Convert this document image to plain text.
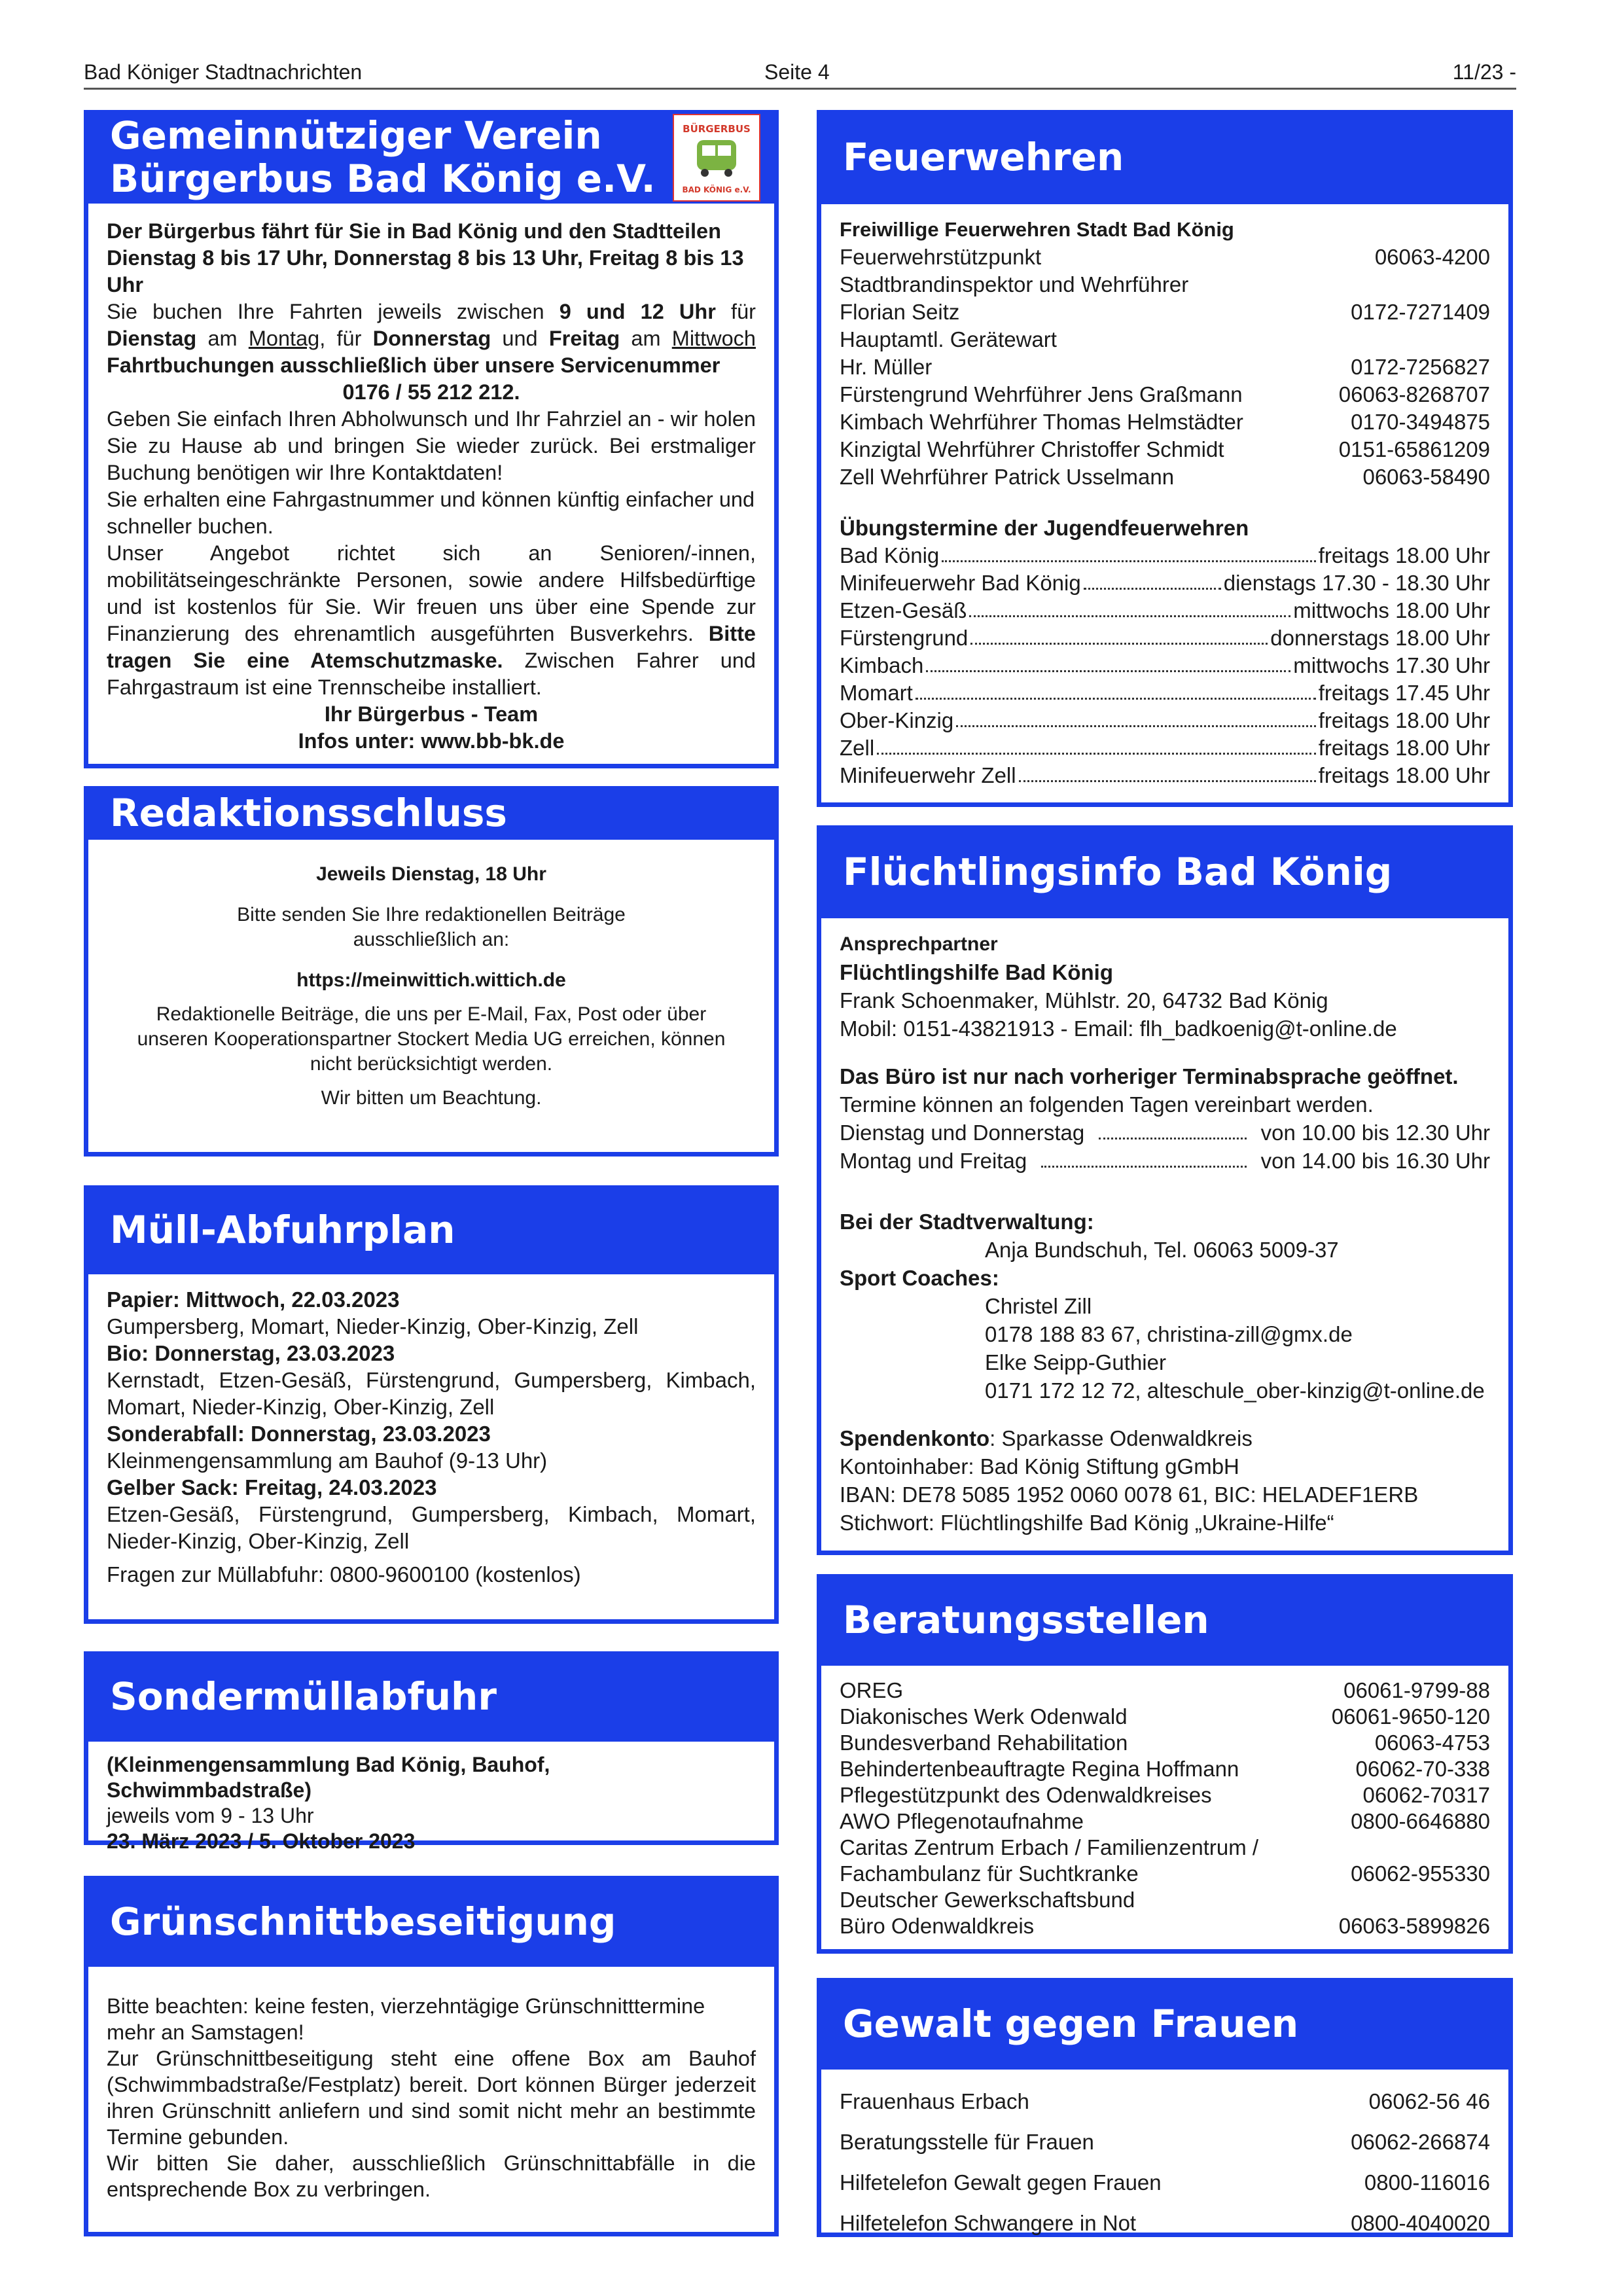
Bad Königer Stadtnachrichten	Seite 4	11/23 -
Gemeinnütziger Verein
Bürgerbus Bad König e.V.
BÜRGERBUS
BAD KÖNIG e.V.
Der Bürgerbus fährt für Sie in Bad König und den Stadtteilen Dienstag 8 bis 17 Uhr, Donnerstag 8 bis 13 Uhr, Freitag 8 bis 13 Uhr
Sie buchen Ihre Fahrten jeweils zwischen 9 und 12 Uhr für Dienstag am Montag, für Donnerstag und Freitag am Mittwoch Fahrtbuchungen ausschließlich über unsere Servicenummer
0176 / 55 212 212.
Geben Sie einfach Ihren Abholwunsch und Ihr Fahrziel an - wir holen Sie zu Hause ab und bringen Sie wieder zurück. Bei erstmaliger Buchung benötigen wir Ihre Kontaktdaten!
Sie erhalten eine Fahrgastnummer und können künftig einfacher und schneller buchen.
Unser Angebot richtet sich an Senioren/-innen, mobilitätseingeschränkte Personen, sowie andere Hilfsbedürftige und ist kostenlos für Sie. Wir freuen uns über eine Spende zur Finanzierung des ehrenamtlich ausgeführten Busverkehrs. Bitte tragen Sie eine Atemschutzmaske. Zwischen Fahrer und Fahrgastraum ist eine Trennscheibe installiert.
Ihr Bürgerbus - Team
Infos unter: www.bb-bk.de
Redaktionsschluss
Jeweils Dienstag, 18 Uhr
Bitte senden Sie Ihre redaktionellen Beiträge ausschließlich an:
https://meinwittich.wittich.de
Redaktionelle Beiträge, die uns per E-Mail, Fax, Post oder über unseren Kooperationspartner Stockert Media UG erreichen, können nicht berücksichtigt werden.
Wir bitten um Beachtung.
Müll-Abfuhrplan
Papier: Mittwoch, 22.03.2023
Gumpersberg, Momart, Nieder-Kinzig, Ober-Kinzig, Zell
Bio: Donnerstag, 23.03.2023
Kernstadt, Etzen-Gesäß, Fürstengrund, Gumpersberg, Kimbach, Momart, Nieder-Kinzig, Ober-Kinzig, Zell
Sonderabfall: Donnerstag, 23.03.2023
Kleinmengensammlung am Bauhof (9-13 Uhr)
Gelber Sack: Freitag, 24.03.2023
Etzen-Gesäß, Fürstengrund, Gumpersberg, Kimbach, Momart, Nieder-Kinzig, Ober-Kinzig, Zell
Fragen zur Müllabfuhr: 0800-9600100 (kostenlos)
Sondermüllabfuhr
(Kleinmengensammlung Bad König, Bauhof, Schwimmbadstraße)
jeweils vom 9 - 13 Uhr
23. März 2023 / 5. Oktober 2023
Grünschnittbeseitigung
Bitte beachten: keine festen, vierzehntägige Grünschnitttermine mehr an Samstagen!
Zur Grünschnittbeseitigung steht eine offene Box am Bauhof (Schwimmbadstraße/Festplatz) bereit. Dort können Bürger jederzeit ihren Grünschnitt anliefern und sind somit nicht mehr an bestimmte Termine gebunden.
Wir bitten Sie daher, ausschließlich Grünschnittabfälle in die entsprechende Box zu verbringen.
Feuerwehren
Freiwillige Feuerwehren Stadt Bad König
Feuerwehrstützpunkt	06063-4200
Stadtbrandinspektor und Wehrführer
Florian Seitz	0172-7271409
Hauptamtl. Gerätewart
Hr. Müller	0172-7256827
Fürstengrund Wehrführer Jens Graßmann	06063-8268707
Kimbach Wehrführer Thomas Helmstädter	0170-3494875
Kinzigtal Wehrführer Christoffer Schmidt	0151-65861209
Zell Wehrführer Patrick Usselmann	06063-58490
Übungstermine der Jugendfeuerwehren
Bad König	freitags 18.00 Uhr
Minifeuerwehr Bad König	dienstags 17.30 - 18.30 Uhr
Etzen-Gesäß	mittwochs 18.00 Uhr
Fürstengrund	donnerstags 18.00 Uhr
Kimbach	mittwochs 17.30 Uhr
Momart	freitags 17.45 Uhr
Ober-Kinzig	freitags 18.00 Uhr
Zell	freitags 18.00 Uhr
Minifeuerwehr Zell	freitags 18.00 Uhr
Flüchtlingsinfo Bad König
Ansprechpartner
Flüchtlingshilfe Bad König
Frank Schoenmaker, Mühlstr. 20, 64732 Bad König
Mobil: 0151-43821913 - Email: flh_badkoenig@t-online.de
Das Büro ist nur nach vorheriger Terminabsprache geöffnet.
Termine können an folgenden Tagen vereinbart werden.
Dienstag und Donnerstag	von 10.00 bis 12.30 Uhr
Montag und Freitag	von 14.00 bis 16.30 Uhr
Bei der Stadtverwaltung:
Anja Bundschuh, Tel. 06063 5009-37
Sport Coaches:
Christel Zill
0178 188 83 67, christina-zill@gmx.de
Elke Seipp-Guthier
0171 172 12 72, alteschule_ober-kinzig@t-online.de
Spendenkonto: Sparkasse Odenwaldkreis
Kontoinhaber: Bad König Stiftung gGmbH
IBAN: DE78 5085 1952 0060 0078 61, BIC: HELADEF1ERB
Stichwort: Flüchtlingshilfe Bad König „Ukraine-Hilfe“
Beratungsstellen
OREG	06061-9799-88
Diakonisches Werk Odenwald	06061-9650-120
Bundesverband Rehabilitation	06063-4753
Behindertenbeauftragte Regina Hoffmann	06062-70-338
Pflegestützpunkt des Odenwaldkreises	06062-70317
AWO Pflegenotaufnahme	0800-6646880
Caritas Zentrum Erbach / Familienzentrum /
Fachambulanz für Suchtkranke	06062-955330
Deutscher Gewerkschaftsbund
Büro Odenwaldkreis	06063-5899826
Gewalt gegen Frauen
Frauenhaus Erbach	06062-56 46
Beratungsstelle für Frauen	06062-266874
Hilfetelefon Gewalt gegen Frauen	0800-116016
Hilfetelefon Schwangere in Not	0800-4040020
